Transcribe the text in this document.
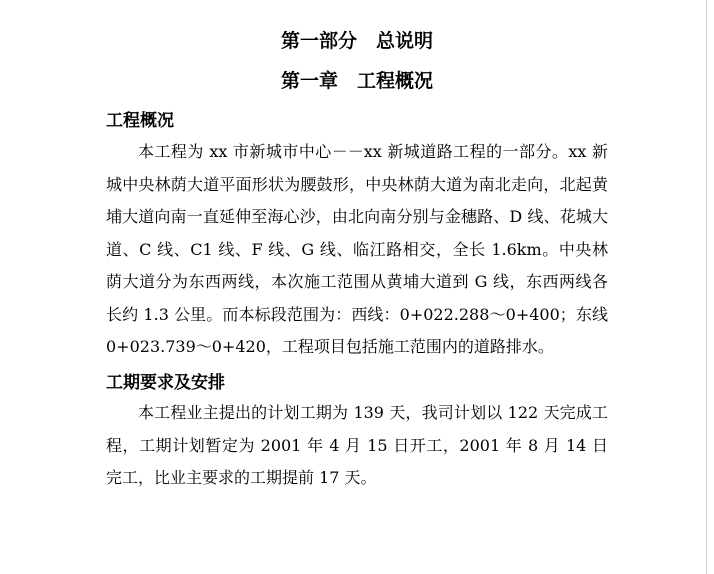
第一部分　总说明
第一章　工程概况
工程概况
本工程为 xx 市新城市中心－－xx 新城道路工程的一部分。xx 新城中央林荫大道平面形状为腰鼓形，中央林荫大道为南北走向，北起黄埔大道向南一直延伸至海心沙，由北向南分别与金穗路、D 线、花城大道、C 线、C1 线、F 线、G 线、临江路相交，全长 1.6km。中央林荫大道分为东西两线，本次施工范围从黄埔大道到 G 线，东西两线各长约 1.3 公里。而本标段范围为：西线：0+022.288～0+400；东线 0+023.739～0+420，工程项目包括施工范围内的道路排水。
工期要求及安排
本工程业主提出的计划工期为 139 天，我司计划以 122 天完成工程，工期计划暂定为 2001 年 4 月 15 日开工，2001 年 8 月 14 日完工，比业主要求的工期提前 17 天。
